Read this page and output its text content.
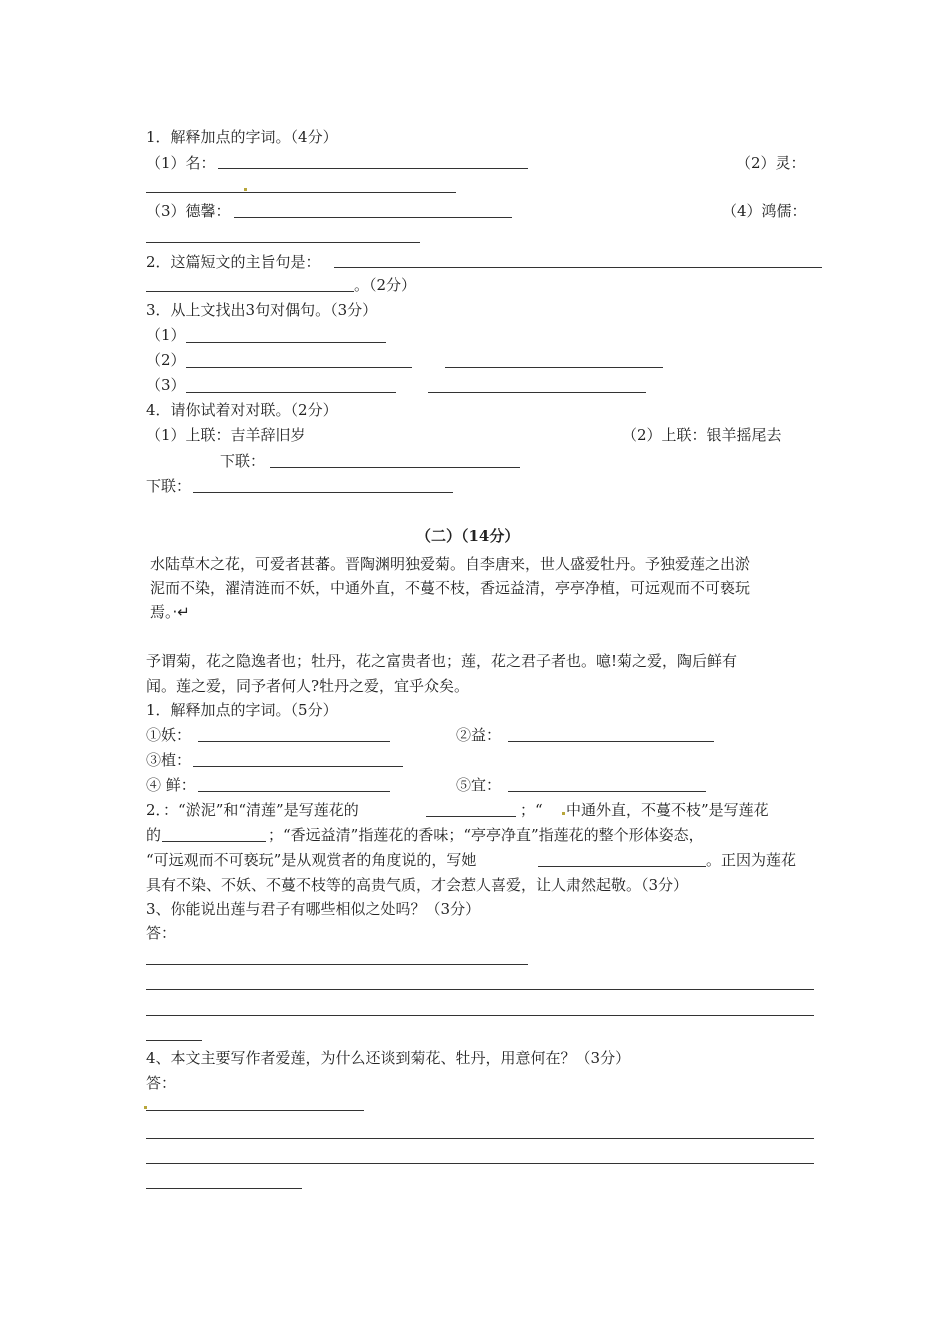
1．解释加点的字词。（4分）
（1）名：	（2）灵：
（3）德馨：	（4）鸿儒：
2．这篇短文的主旨句是：
。（2分）
3．从上文找出3句对偶句。（3分）
（1）
（2）
（3）
4．请你试着对对联。（2分）
（1）上联：吉羊辞旧岁	（2）上联：银羊摇尾去
下联：
下联：
（二）（14分）
水陆草木之花，可爱者甚蕃。晋陶渊明独爱菊。自李唐来，世人盛爱牡丹。予独爱莲之出淤
泥而不染，濯清涟而不妖，中通外直，不蔓不枝，香远益清，亭亭净植，可远观而不可亵玩
焉。·↵
予谓菊，花之隐逸者也；牡丹，花之富贵者也；莲，花之君子者也。噫!菊之爱，陶后鲜有
闻。莲之爱，同予者何人?牡丹之爱，宜乎众矣。
1．解释加点的字词。（5分）
①妖：	②益：
③植：
④ 鲜：	⑤宜：
2．：“淤泥”和“清莲”是写莲花的	；“ 中通外直，不蔓不枝”是写莲花
的	；“香远益清”指莲花的香味；“亭亭净直”指莲花的整个形体姿态，
“可远观而不可亵玩”是从观赏者的角度说的，写她	。正因为莲花
具有不染、不妖、不蔓不枝等的高贵气质，才会惹人喜爱，让人肃然起敬。（3分）
3、你能说出莲与君子有哪些相似之处吗？（3分）
答：
4、本文主要写作者爱莲，为什么还谈到菊花、牡丹，用意何在？（3分）
答：
